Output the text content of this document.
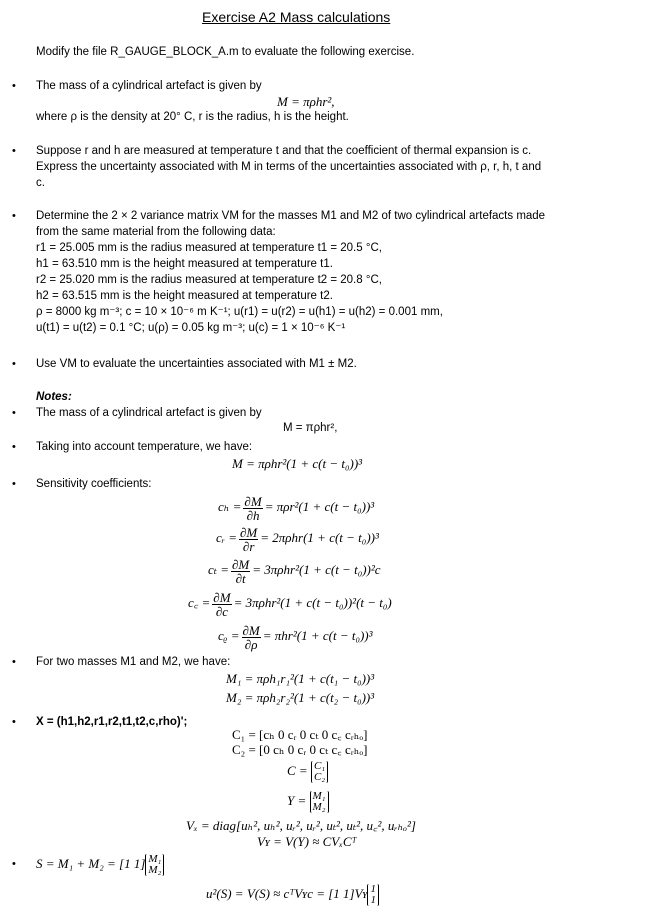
Exercise A2 Mass calculations
Modify the file R_GAUGE_BLOCK_A.m to evaluate the following exercise.
• The mass of a cylindrical artefact is given by
M = πρhr²,
where ρ is the density at 20° C, r is the radius, h is the height.
• Suppose r and h are measured at temperature t and that the coefficient of thermal expansion is c.
Express the uncertainty associated with M in terms of the uncertainties associated with ρ, r, h, t and
c.
• Determine the 2 × 2 variance matrix VM for the masses M1 and M2 of two cylindrical artefacts made
from the same material from the following data:
r1 = 25.005 mm is the radius measured at temperature t1 = 20.5 °C,
h1 = 63.510 mm is the height measured at temperature t1.
r2 = 25.020 mm is the radius measured at temperature t2 = 20.8 °C,
h2 = 63.515 mm is the height measured at temperature t2.
ρ = 8000 kg m⁻³; c = 10 × 10⁻⁶ m K⁻¹; u(r1) = u(r2) = u(h1) = u(h2) = 0.001 mm,
u(t1) = u(t2) = 0.1 °C; u(ρ) = 0.05 kg m⁻³; u(c) = 1 × 10⁻⁶ K⁻¹
• Use VM to evaluate the uncertainties associated with M1 ± M2.
Notes:
• The mass of a cylindrical artefact is given by
M = πρhr²,
• Taking into account temperature, we have:
M = πρhr²(1 + c(t − t₀))³
• Sensitivity coefficients:
$c_h = \frac{\partial M}{\partial h} = \pi\rho r^2(1 + c(t - t_0))^3$
cᵣ = $\frac{\partial M}{\partial r} = 2\pi\rho hr(1 + c(t - t_0))^3$
$c_t = \frac{\partial M}{\partial t} = 3\pi\rho hr^2(1 + c(t - t_0))^2c$
c꜀ = $\frac{\partial M}{\partial c} = 3\pi\rho hr^2(1 + c(t - t_0))^2(t - t_0)$
cᵨ = $\frac{\partial M}{\partial\rho} = \pi hr^2(1 + c(t - t_0))^3$
• For two masses M1 and M2, we have:
M₁ = πρh₁r₁²(1 + c(t₁ − t₀))³
M₂ = πρh₂r₂²(1 + c(t₂ − t₀))³
• X = (h1,h2,r1,r2,t1,t2,c,rho)';
C₁ = [cₕ 0 cᵣ 0 cₜ 0 c꜀ cᵣₕₒ]
C₂ = [0 cₕ 0 cᵣ 0 cₜ c꜀ cᵣₕₒ]
C = C₁
C₂
Y = M₁
M₂
Vₓ = diag[uₕ², uₕ², uᵣ², uᵣ², uₜ², uₜ², u꜀², uᵣₕₒ²]
Vʏ = V(Y) ≈ CVₓCᵀ
• S = M₁ + M₂ = [1 1] M₁
M₂
u²(S) = V(S) ≈ cᵀVʏc = [1 1]Vʏ 1
1
